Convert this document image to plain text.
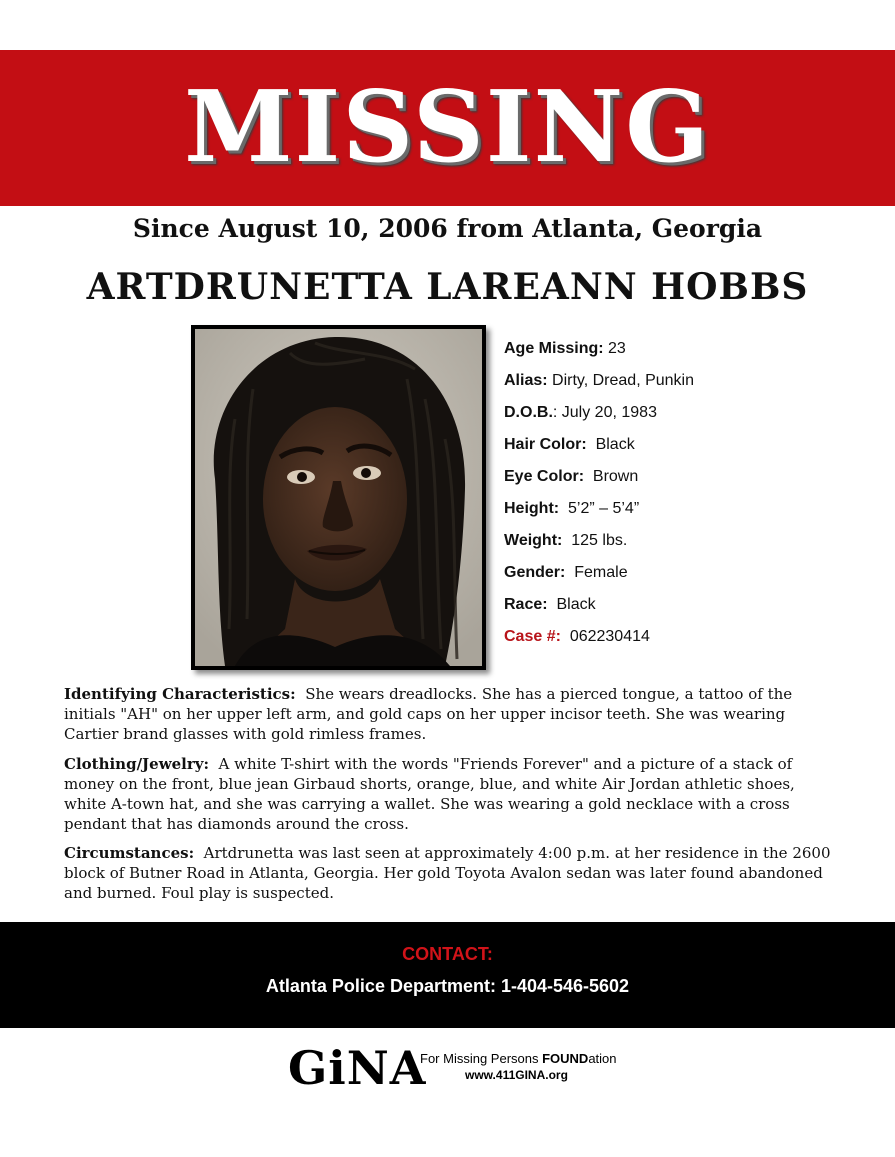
MISSING
Since August 10, 2006 from Atlanta, Georgia
ARTDRUNETTA LAREANN HOBBS
Age Missing: 23
Alias: Dirty, Dread, Punkin
D.O.B.: July 20, 1983
Hair Color:  Black
Eye Color:  Brown
Height:  5’2” – 5’4”
Weight:  125 lbs.
Gender:  Female
Race:  Black
Case #:  062230414
Identifying Characteristics:  She wears dreadlocks. She has a pierced tongue, a tattoo of the initials "AH" on her upper left arm, and gold caps on her upper incisor teeth. She was wearing Cartier brand glasses with gold rimless frames.
Clothing/Jewelry:  A white T-shirt with the words "Friends Forever" and a picture of a stack of money on the front, blue jean Girbaud shorts, orange, blue, and white Air Jordan athletic shoes, white A-town hat, and she was carrying a wallet. She was wearing a gold necklace with a cross pendant that has diamonds around the cross.
Circumstances:  Artdrunetta was last seen at approximately 4:00 p.m. at her residence in the 2600 block of Butner Road in Atlanta, Georgia. Her gold Toyota Avalon sedan was later found abandoned and burned. Foul play is suspected.
CONTACT:
Atlanta Police Department: 1-404-546-5602
GiNA
For Missing Persons FOUNDation
www.411GINA.org
